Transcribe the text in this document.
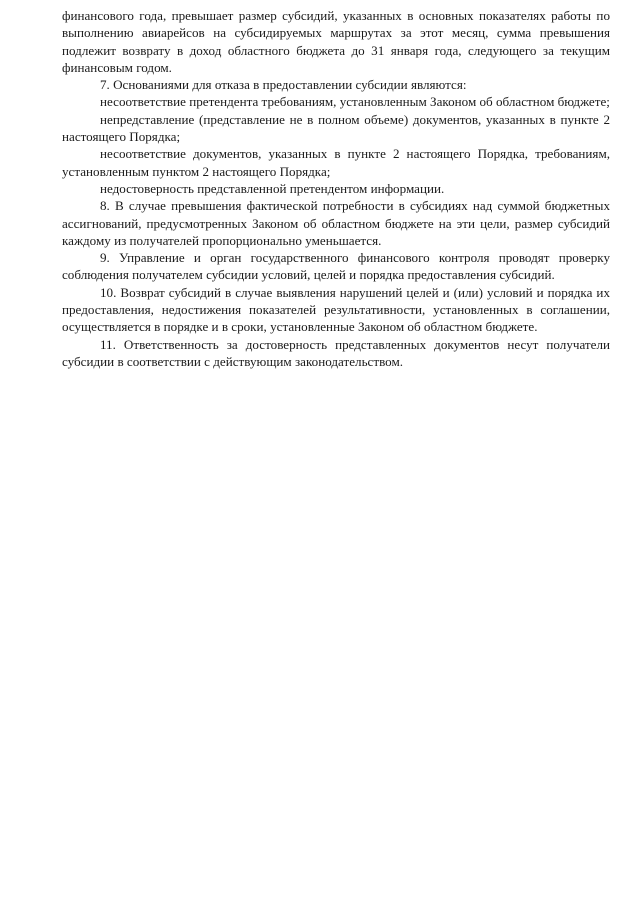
финансового года, превышает размер субсидий, указанных в основных показателях работы по выполнению авиарейсов на субсидируемых маршрутах за этот месяц, сумма превышения подлежит возврату в доход областного бюджета до 31 января года, следующего за текущим финансовым годом.

7. Основаниями для отказа в предоставлении субсидии являются:

несоответствие претендента требованиям, установленным Законом об областном бюджете;

непредставление (представление не в полном объеме) документов, указанных в пункте 2 настоящего Порядка;

несоответствие документов, указанных в пункте 2 настоящего Порядка, требованиям, установленным пунктом 2 настоящего Порядка;

недостоверность представленной претендентом информации.

8. В случае превышения фактической потребности в субсидиях над суммой бюджетных ассигнований, предусмотренных Законом об областном бюджете на эти цели, размер субсидий каждому из получателей пропорционально уменьшается.

9. Управление и орган государственного финансового контроля проводят проверку соблюдения получателем субсидии условий, целей и порядка предоставления субсидий.

10. Возврат субсидий в случае выявления нарушений целей и (или) условий и порядка их предоставления, недостижения показателей результативности, установленных в соглашении, осуществляется в порядке и в сроки, установленные Законом об областном бюджете.

11. Ответственность за достоверность представленных документов несут получатели субсидии в соответствии с действующим законодательством.
